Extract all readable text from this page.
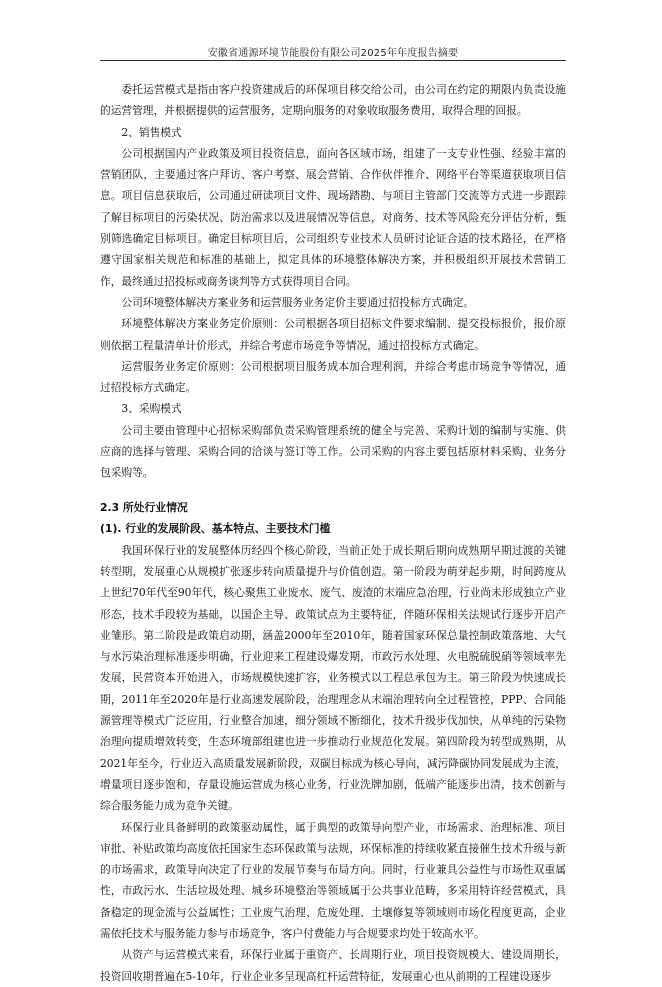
安徽省通源环境节能股份有限公司2025年年度报告摘要

委托运营模式是指由客户投资建成后的环保项目移交给公司，由公司在约定的期限内负责设施的运营管理，并根据提供的运营服务，定期向服务的对象收取服务费用，取得合理的回报。

2、销售模式

公司根据国内产业政策及项目投资信息，面向各区域市场，组建了一支专业性强、经验丰富的营销团队，主要通过客户拜访、客户考察、展会营销、合作伙伴推介、网络平台等渠道获取项目信息。项目信息获取后，公司通过研读项目文件、现场踏勘、与项目主管部门交流等方式进一步跟踪了解目标项目的污染状况、防治需求以及进展情况等信息，对商务、技术等风险充分评估分析，甄别筛选确定目标项目。确定目标项目后，公司组织专业技术人员研讨论证合适的技术路径，在严格遵守国家相关规范和标准的基础上，拟定具体的环境整体解决方案，并积极组织开展技术营销工作，最终通过招投标或商务谈判等方式获得项目合同。

公司环境整体解决方案业务和运营服务业务定价主要通过招投标方式确定。

环境整体解决方案业务定价原则：公司根据各项目招标文件要求编制、提交投标报价，报价原则依据工程量清单计价形式，并综合考虑市场竞争等情况，通过招投标方式确定。

运营服务业务定价原则：公司根据项目服务成本加合理利润，并综合考虑市场竞争等情况，通过招投标方式确定。

3、采购模式

公司主要由管理中心招标采购部负责采购管理系统的健全与完善、采购计划的编制与实施、供应商的选择与管理、采购合同的洽谈与签订等工作。公司采购的内容主要包括原材料采购、业务分包采购等。

2.3 所处行业情况

(1). 行业的发展阶段、基本特点、主要技术门槛

我国环保行业的发展整体历经四个核心阶段，当前正处于成长期后期向成熟期早期过渡的关键转型期，发展重心从规模扩张逐步转向质量提升与价值创造。第一阶段为萌芽起步期，时间跨度从上世纪70年代至90年代，核心聚焦工业废水、废气、废渣的末端应急治理，行业尚未形成独立产业形态，技术手段较为基础，以国企主导、政策试点为主要特征，伴随环保相关法规试行逐步开启产业雏形。第二阶段是政策启动期，涵盖2000年至2010年，随着国家环保总量控制政策落地、大气与水污染治理标准逐步明确，行业迎来工程建设爆发期，市政污水处理、火电脱硫脱硝等领域率先发展，民营资本开始进入，市场规模快速扩容，业务模式以工程总承包为主。第三阶段为快速成长期，2011年至2020年是行业高速发展阶段，治理理念从末端治理转向全过程管控，PPP、合同能源管理等模式广泛应用，行业整合加速，细分领域不断细化，技术升级步伐加快，从单纯的污染物治理向提质增效转变，生态环境部组建也进一步推动行业规范化发展。第四阶段为转型成熟期，从2021年至今，行业迈入高质量发展新阶段，双碳目标成为核心导向，减污降碳协同发展成为主流，增量项目逐步饱和，存量设施运营成为核心业务，行业洗牌加剧，低端产能逐步出清，技术创新与综合服务能力成为竞争关键。

环保行业具备鲜明的政策驱动属性，属于典型的政策导向型产业，市场需求、治理标准、项目审批、补贴政策均高度依托国家生态环保政策与法规，环保标准的持续收紧直接催生技术升级与新的市场需求，政策导向决定了行业的发展节奏与布局方向。同时，行业兼具公益性与市场性双重属性，市政污水、生活垃圾处理、城乡环境整治等领域属于公共事业范畴，多采用特许经营模式，具备稳定的现金流与公益属性；工业废气治理、危废处理、土壤修复等领域则市场化程度更高，企业需依托技术与服务能力参与市场竞争，客户付费能力与合规要求均处于较高水平。

从资产与运营模式来看，环保行业属于重资产、长周期行业，项目投资规模大、建设周期长，投资回收期普遍在5-10年，行业企业多呈现高杠杆运营特征，发展重心也从前期的工程建设逐步
